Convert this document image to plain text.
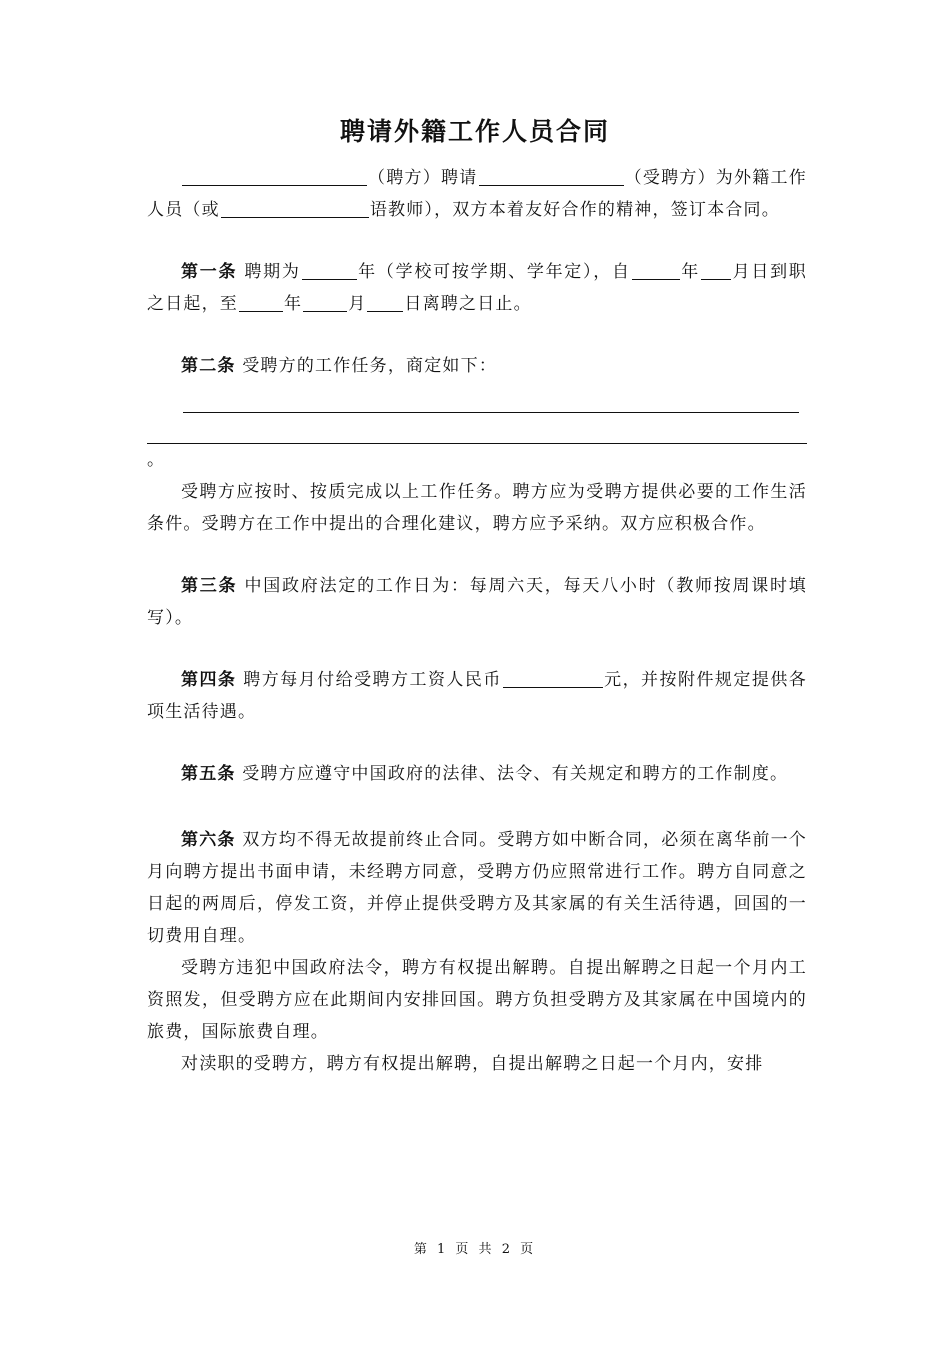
聘请外籍工作人员合同

（聘方）聘请	（受聘方）为外籍工作人员（或	语教师），双方本着友好合作的精神，签订本合同。

第一条 聘期为	年（学校可按学期、学年定），自	年 月日到职之日起，至	年	月 日离聘之日止。

第二条 受聘方的工作任务，商定如下：

。

受聘方应按时、按质完成以上工作任务。聘方应为受聘方提供必要的工作生活条件。受聘方在工作中提出的合理化建议，聘方应予采纳。双方应积极合作。

第三条 中国政府法定的工作日为：每周六天，每天八小时（教师按周课时填写）。

第四条 聘方每月付给受聘方工资人民币	元，并按附件规定提供各项生活待遇。

第五条 受聘方应遵守中国政府的法律、法令、有关规定和聘方的工作制度。

第六条 双方均不得无故提前终止合同。受聘方如中断合同，必须在离华前一个月向聘方提出书面申请，未经聘方同意，受聘方仍应照常进行工作。聘方自同意之日起的两周后，停发工资，并停止提供受聘方及其家属的有关生活待遇，回国的一切费用自理。

受聘方违犯中国政府法令，聘方有权提出解聘。自提出解聘之日起一个月内工资照发，但受聘方应在此期间内安排回国。聘方负担受聘方及其家属在中国境内的旅费，国际旅费自理。

对渎职的受聘方，聘方有权提出解聘，自提出解聘之日起一个月内，安排

第 1 页 共 2 页
